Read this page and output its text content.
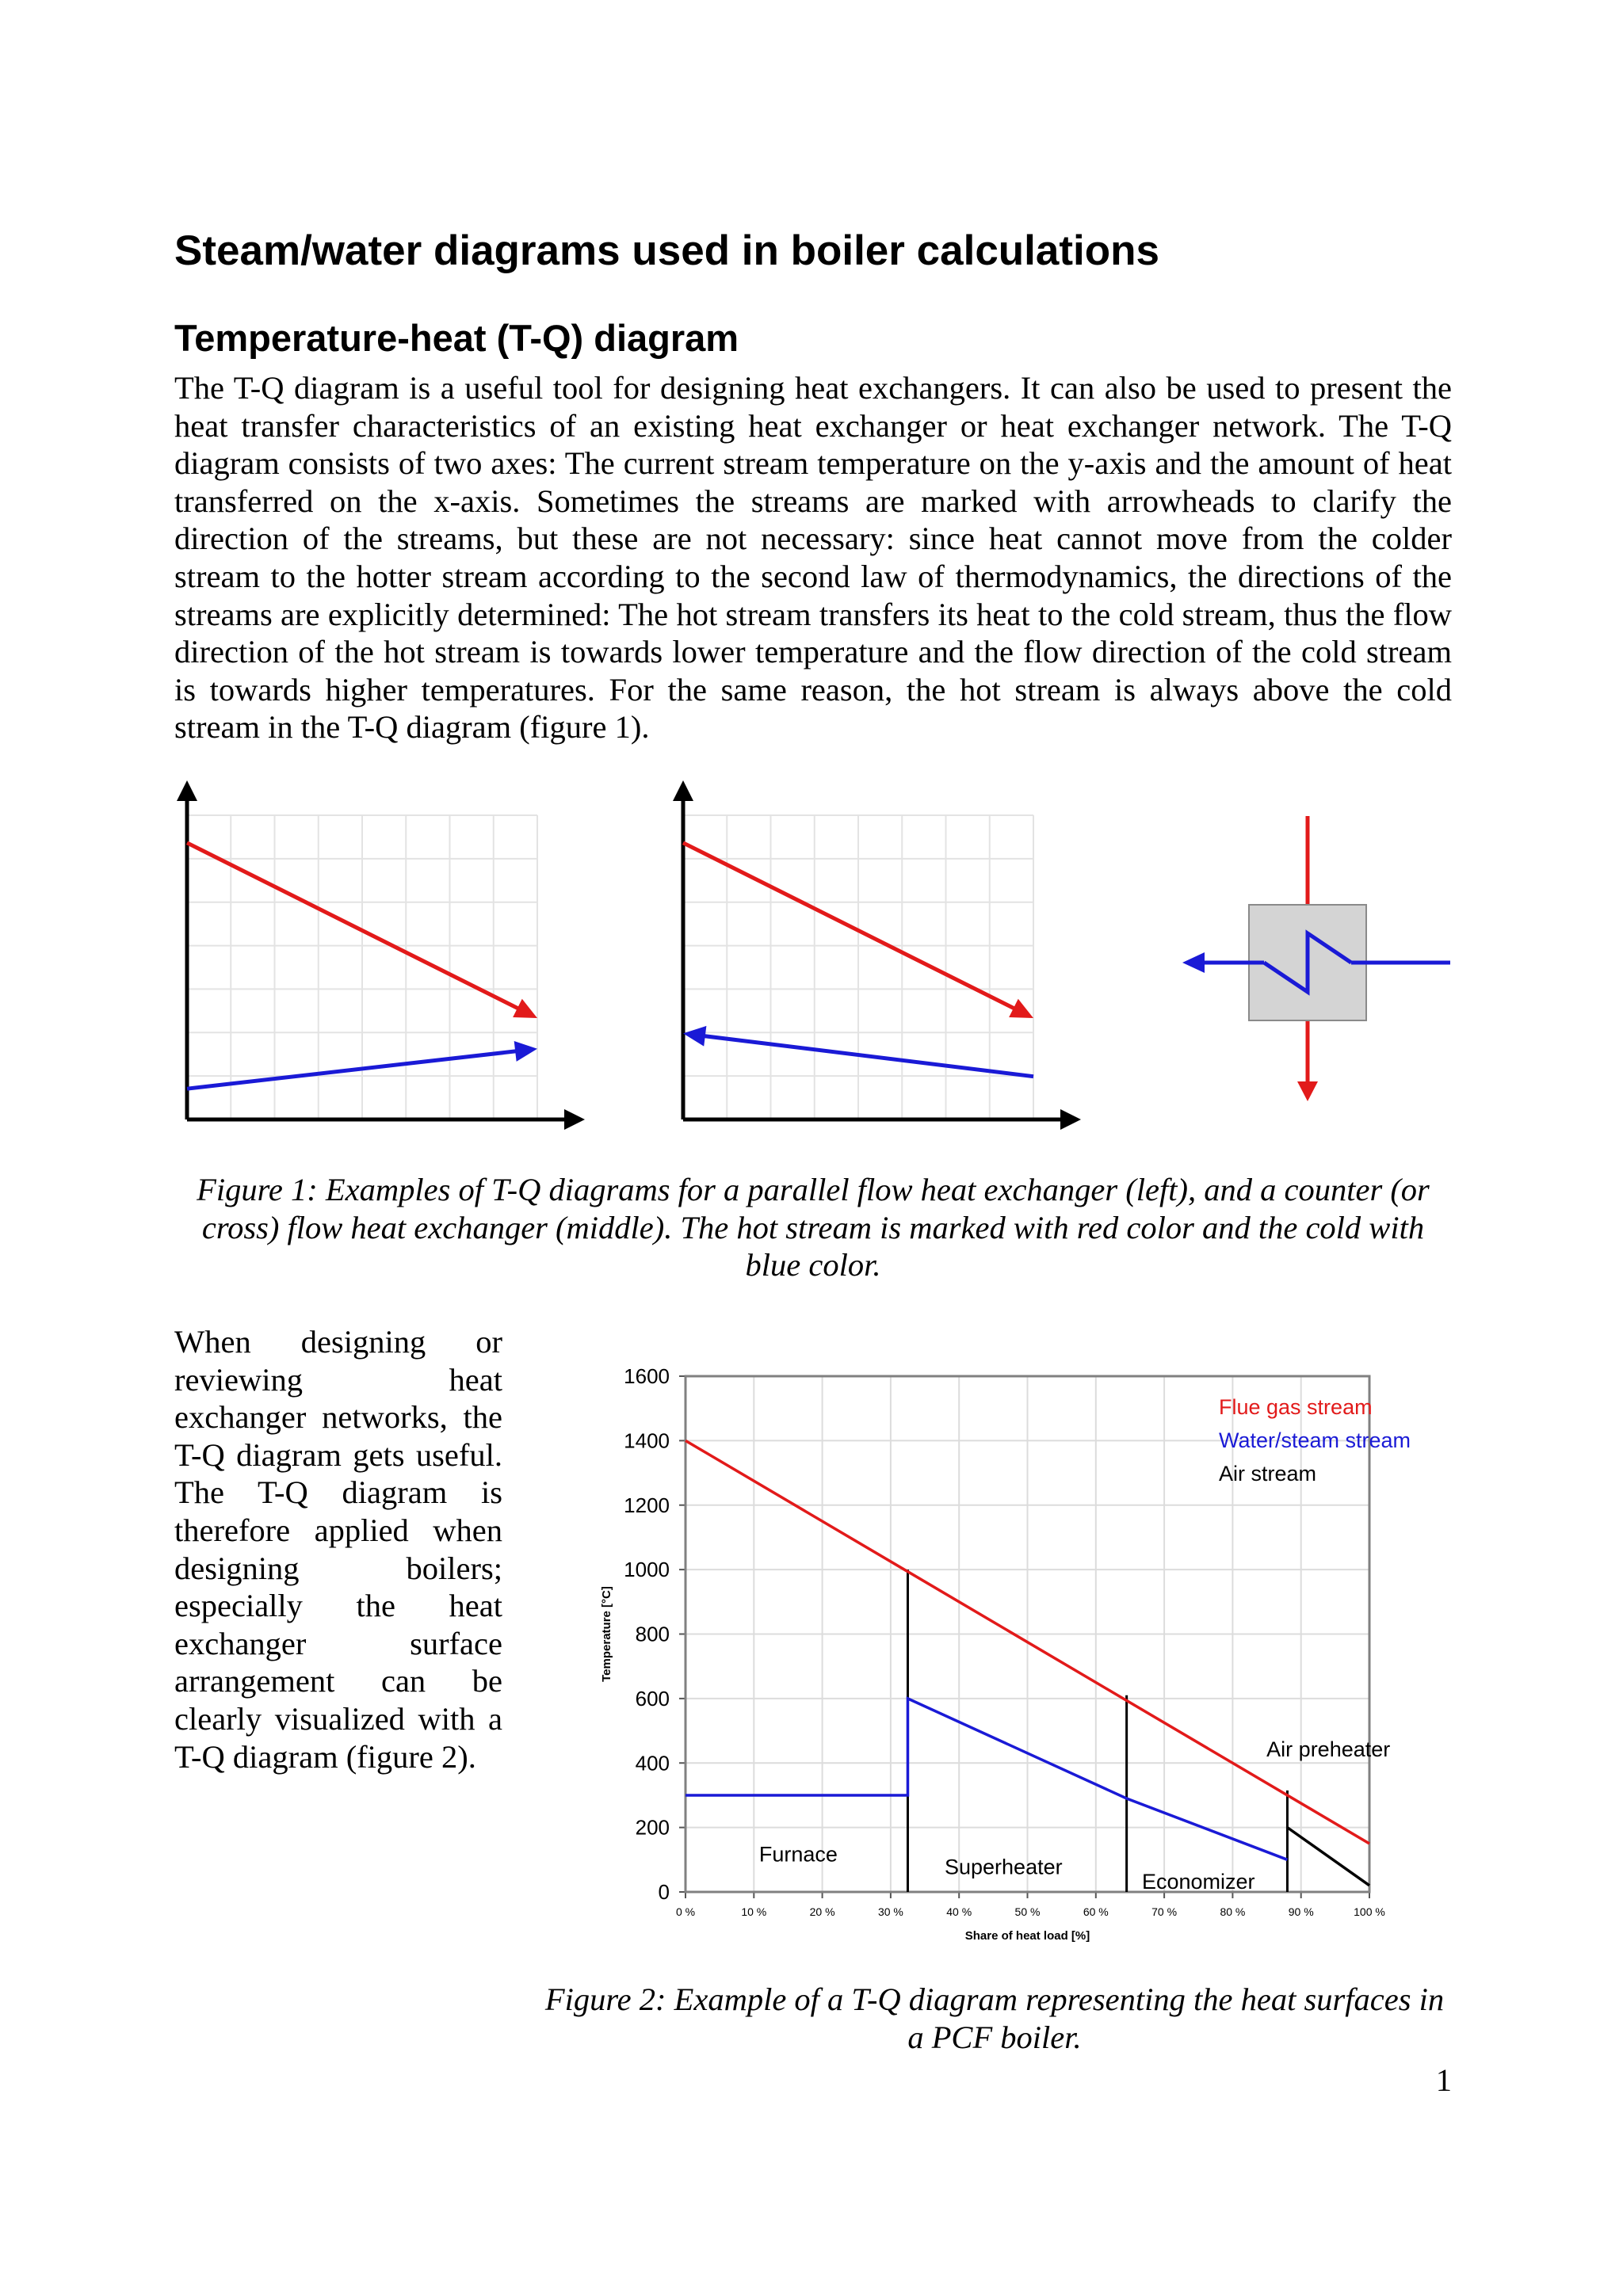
Steam/water diagrams used in boiler calculations
Temperature-heat (T-Q) diagram

The T-Q diagram is a useful tool for designing heat exchangers. It can also be used to present the heat transfer characteristics of an existing heat exchanger or heat exchanger network. The T-Q diagram consists of two axes: The current stream temperature on the y-axis and the amount of heat transferred on the x-axis. Sometimes the streams are marked with arrowheads to clarify the direction of the streams, but these are not necessary: since heat cannot move from the colder stream to the hotter stream according to the second law of thermodynamics, the directions of the streams are explicitly determined: The hot stream transfers its heat to the cold stream, thus the flow direction of the hot stream is towards lower temperature and the flow direction of the cold stream is towards higher temperatures. For the same reason, the hot stream is always above the cold stream in the T-Q diagram (figure 1).

Figure 1: Examples of T-Q diagrams for a parallel flow heat exchanger (left), and a counter (or cross) flow heat exchanger (middle). The hot stream is marked with red color and the cold with blue color.

When designing or reviewing heat exchanger networks, the T-Q diagram gets useful. The T-Q diagram is therefore applied when designing boilers; especially the heat exchanger surface arrangement can be clearly visualized with a T-Q diagram (figure 2).

0
200
400
600
800
1000
1200
1400
1600
0 %	10 %	20 %	30 %	40 %	50 %	60 %	70 %	80 %	90 %	100 %
Share of heat load [%]
Temperature [°C]
Flue gas stream
Water/steam stream
Air stream
Furnace
Superheater
Economizer
Air preheater

Figure 2: Example of a T-Q diagram representing the heat surfaces in a PCF boiler.

1
